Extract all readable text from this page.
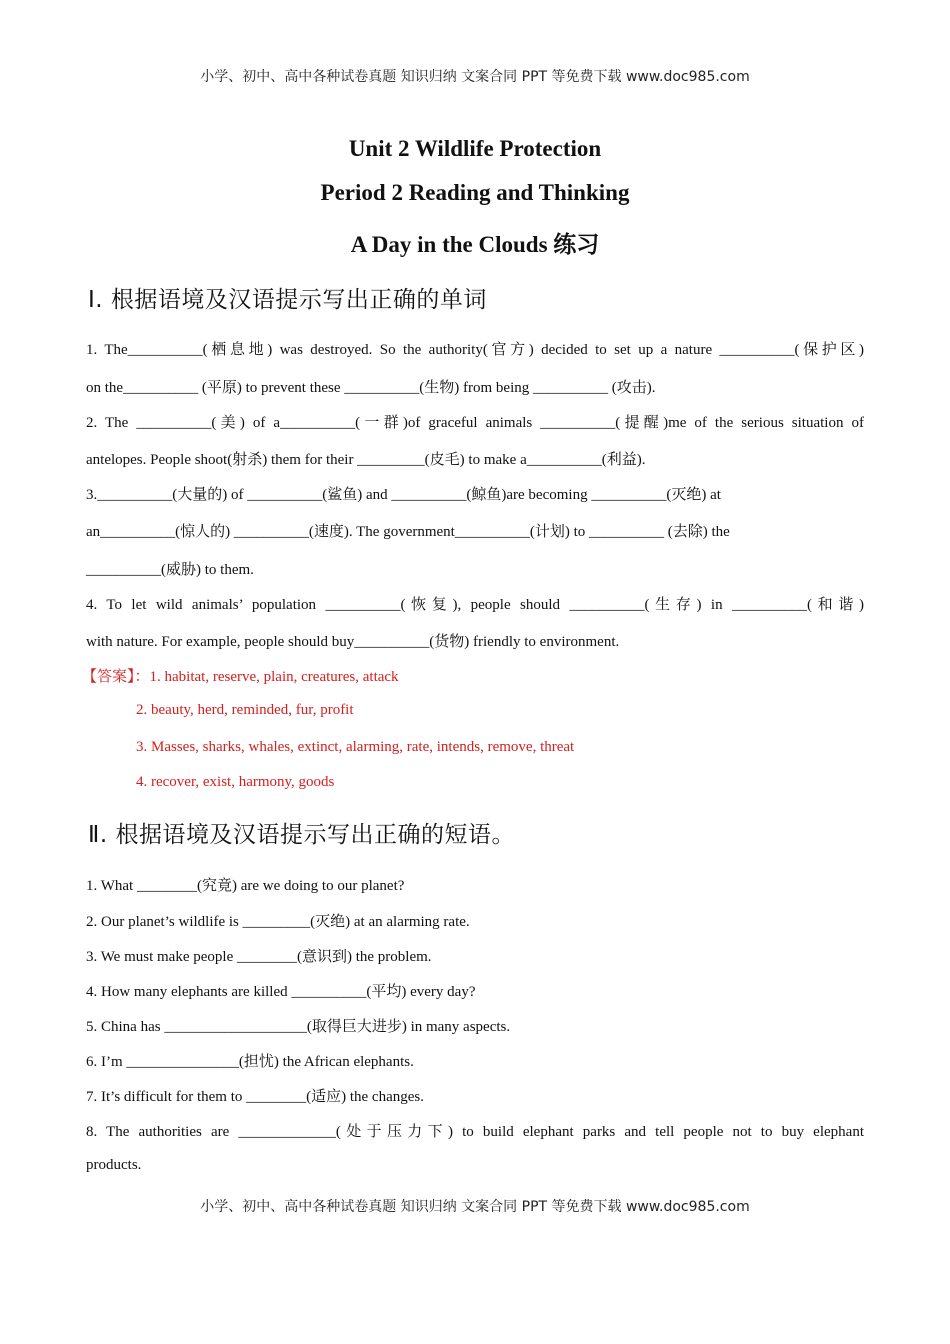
小学、初中、高中各种试卷真题 知识归纳 文案合同 PPT 等免费下载 www.doc985.com
Unit 2 Wildlife Protection
Period 2 Reading and Thinking
A Day in the Clouds 练习
Ⅰ. 根据语境及汉语提示写出正确的单词
1. The__________(栖息地) was destroyed. So the authority(官方) decided to set up a nature __________(保护区)
on the__________ (平原) to prevent these __________(生物) from being __________ (攻击).
2. The __________(美) of a__________(一群)of graceful animals __________(提醒)me of the serious situation of
antelopes. People shoot(射杀) them for their _________(皮毛) to make a__________(利益).
3.__________(大量的) of __________(鲨鱼) and __________(鲸鱼)are becoming __________(灭绝) at
an__________(惊人的) __________(速度). The government__________(计划) to __________ (去除) the
__________(威胁) to them.
4. To let wild animals’ population __________(恢复), people should __________(生存) in __________(和谐)
with nature. For example, people should buy__________(货物) friendly to environment.
【答案】：1. habitat, reserve, plain, creatures, attack
2. beauty, herd, reminded, fur, profit
3. Masses, sharks, whales, extinct, alarming, rate, intends, remove, threat
4. recover, exist, harmony, goods
Ⅱ. 根据语境及汉语提示写出正确的短语。
1. What ________(究竟) are we doing to our planet?
2. Our planet’s wildlife is _________(灭绝) at an alarming rate.
3. We must make people ________(意识到) the problem.
4. How many elephants are killed __________(平均) every day?
5. China has ___________________(取得巨大进步) in many aspects.
6. I’m _______________(担忧) the African elephants.
7. It’s difficult for them to ________(适应) the changes.
8. The authorities are _____________(处于压力下) to build elephant parks and tell people not to buy elephant
products.
小学、初中、高中各种试卷真题 知识归纳 文案合同 PPT 等免费下载 www.doc985.com
